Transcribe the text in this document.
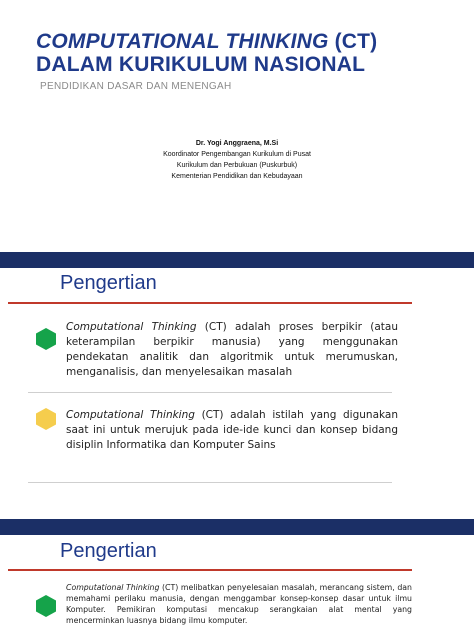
COMPUTATIONAL THINKING (CT)
DALAM KURIKULUM NASIONAL
PENDIDIKAN DASAR DAN MENENGAH
Dr. Yogi Anggraena, M.Si
Koordinator Pengembangan Kurikulum di Pusat
Kurikulum dan Perbukuan (Puskurbuk)
Kementerian Pendidikan dan Kebudayaan
Pengertian
Computational Thinking (CT) adalah proses berpikir (atau keterampilan berpikir manusia) yang menggunakan pendekatan analitik dan algoritmik untuk merumuskan, menganalisis, dan menyelesaikan masalah
Computational Thinking (CT) adalah istilah yang digunakan saat ini untuk merujuk pada ide-ide kunci dan konsep bidang disiplin Informatika dan Komputer Sains
Pengertian
Computational Thinking (CT) melibatkan penyelesaian masalah, merancang sistem, dan memahami perilaku manusia, dengan menggambar konsep-konsep dasar untuk ilmu Komputer. Pemikiran komputasi mencakup serangkaian alat mental yang mencerminkan luasnya bidang ilmu komputer.
